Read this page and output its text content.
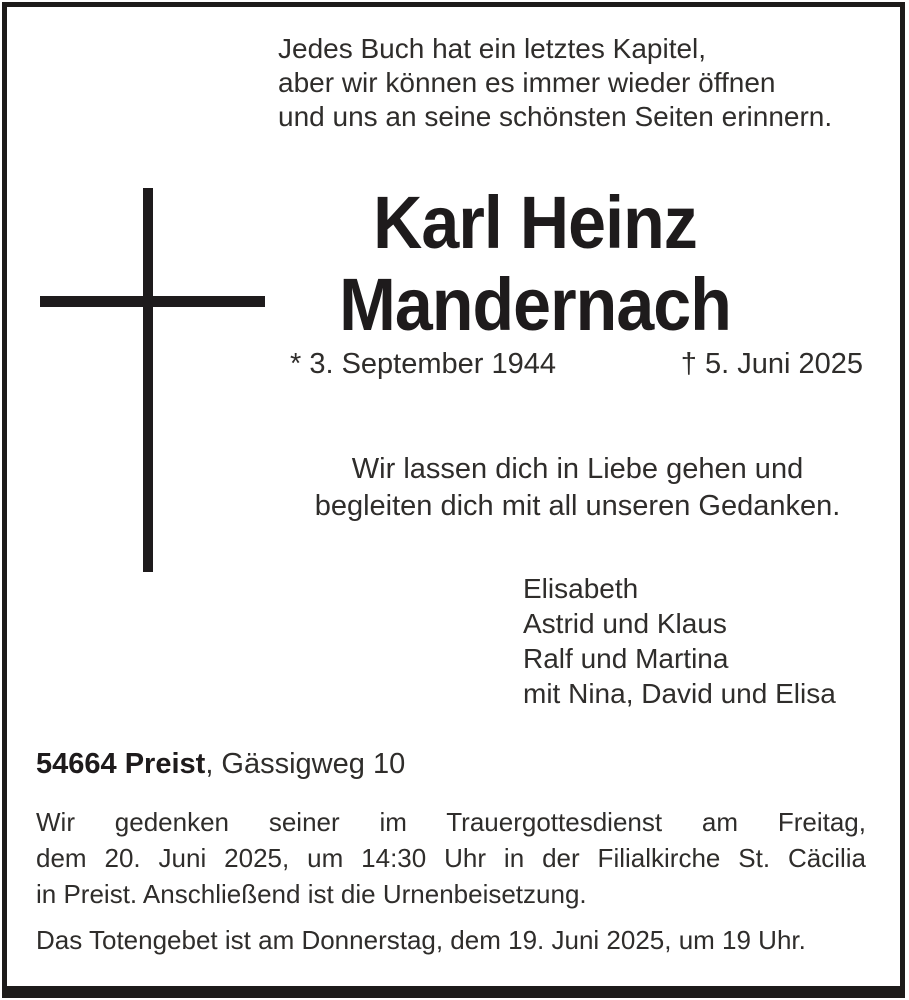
Jedes Buch hat ein letztes Kapitel,
aber wir können es immer wieder öffnen
und uns an seine schönsten Seiten erinnern.
Karl Heinz
Mandernach
* 3. September 1944	† 5. Juni 2025
Wir lassen dich in Liebe gehen und
begleiten dich mit all unseren Gedanken.
Elisabeth
Astrid und Klaus
Ralf und Martina
mit Nina, David und Elisa
54664 Preist, Gässigweg 10
Wir gedenken seiner im Trauergottesdienst am Freitag,
dem 20. Juni 2025, um 14:30 Uhr in der Filialkirche St. Cäcilia
in Preist. Anschließend ist die Urnenbeisetzung.
Das Totengebet ist am Donnerstag, dem 19. Juni 2025, um 19 Uhr.
